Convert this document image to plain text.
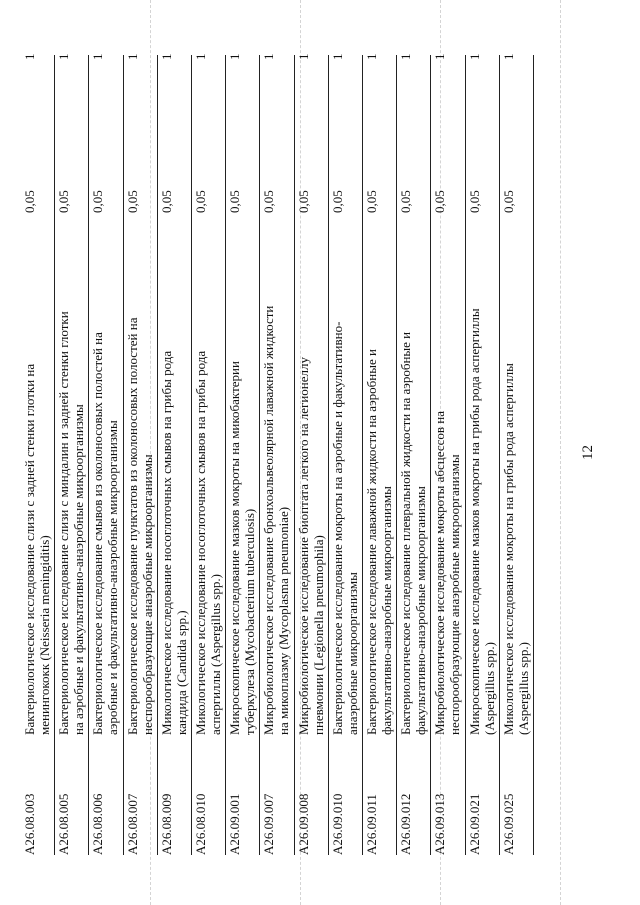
12
A26.08.003
Бактериологическое исследование слизи с задней стенки глотки на менингококк (Neisseria meningiditis)
0,05
1
A26.08.005
Бактериологическое исследование слизи с миндалин и задней стенки глотки на аэробные и факультативно-анаэробные микроорганизмы
0,05
1
A26.08.006
Бактериологическое исследование смывов из околоносовых полостей на аэробные и факультативно-анаэробные микроорганизмы
0,05
1
A26.08.007
Бактериологическое исследование пунктатов из околоносовых полостей на неспорообразующие анаэробные микроорганизмы
0,05
1
A26.08.009
Микологическое исследование носоглоточных смывов на грибы рода кандида (Candida spp.)
0,05
1
A26.08.010
Микологическое исследование носоглоточных смывов на грибы рода аспергиллы (Aspergillus spp.)
0,05
1
A26.09.001
Микроскопическое исследование мазков мокроты на микобактерии туберкулеза (Mycobacterium tuberculosis)
0,05
1
A26.09.007
Микробиологическое исследование бронхоальвеолярной лаважной жидкости на микоплазму (Mycoplasma pneumoniae)
0,05
1
A26.09.008
Микробиологическое исследование биоптата легкого на легионеллу пневмонии (Legionella pneumophila)
0,05
1
A26.09.010
Бактериологическое исследование мокроты на аэробные и факультативно-анаэробные микроорганизмы
0,05
1
A26.09.011
Бактериологическое исследование лаважной жидкости на аэробные и факультативно-анаэробные микроорганизмы
0,05
1
A26.09.012
Бактериологическое исследование плевральной жидкости на аэробные и факультативно-анаэробные микроорганизмы
0,05
1
A26.09.013
Микробиологическое исследование мокроты абсцессов на неспорообразующие анаэробные микроорганизмы
0,05
1
A26.09.021
Микроскопическое исследование мазков мокроты на грибы рода аспергиллы (Aspergillus spp.)
0,05
1
A26.09.025
Микологическое исследование мокроты на грибы рода аспергиллы (Aspergillus spp.)
0,05
1
